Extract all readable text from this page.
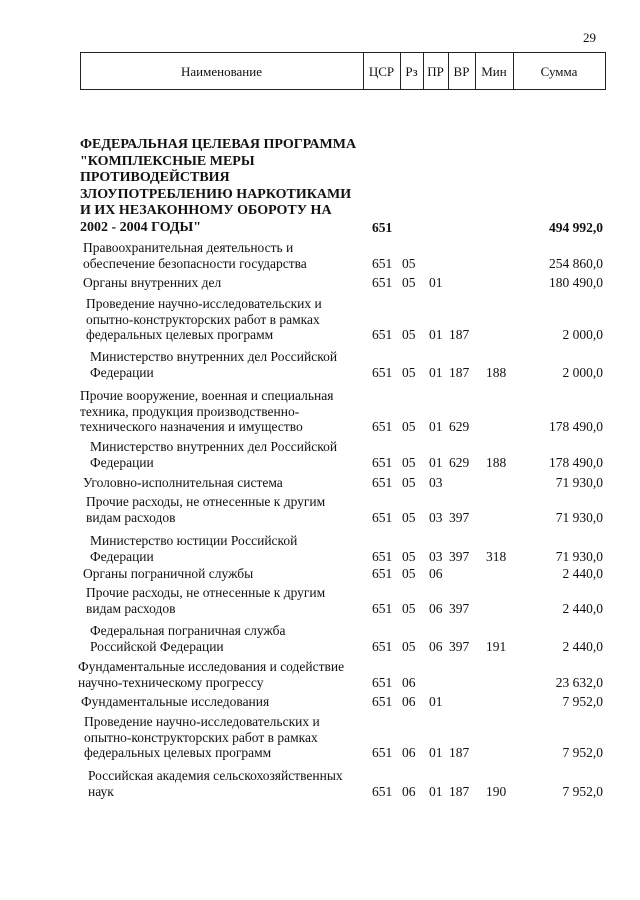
29
Наименование	ЦСР Рз ПР ВР Мин	Сумма
ФЕДЕРАЛЬНАЯ ЦЕЛЕВАЯ ПРОГРАММА
"КОМПЛЕКСНЫЕ МЕРЫ
ПРОТИВОДЕЙСТВИЯ
ЗЛОУПОТРЕБЛЕНИЮ НАРКОТИКАМИ
И ИХ НЕЗАКОННОМУ ОБОРОТУ НА
2002 - 2004 ГОДЫ"	651	494 992,0
Правоохранительная деятельность и
обеспечение безопасности государства	651 05	254 860,0
Органы внутренних дел	651 05 01	180 490,0
Проведение научно-исследовательских и
опытно-конструкторских работ в рамках
федеральных целевых программ	651 05 01 187	2 000,0
Министерство внутренних дел Российской
Федерации	651 05 01 187 188	2 000,0
Прочие вооружение, военная и специальная
техника, продукция производственно-
технического назначения и имущество	651 05 01 629	178 490,0
Министерство внутренних дел Российской
Федерации	651 05 01 629 188	178 490,0
Уголовно-исполнительная система	651 05 03	71 930,0
Прочие расходы, не отнесенные к другим
видам расходов	651 05 03 397	71 930,0
Министерство юстиции Российской
Федерации	651 05 03 397 318	71 930,0
Органы пограничной службы	651 05 06	2 440,0
Прочие расходы, не отнесенные к другим
видам расходов	651 05 06 397	2 440,0
Федеральная пограничная служба
Российской Федерации	651 05 06 397 191	2 440,0
Фундаментальные исследования и содействие
научно-техническому прогрессу	651 06	23 632,0
Фундаментальные исследования	651 06 01	7 952,0
Проведение научно-исследовательских и
опытно-конструкторских работ в рамках
федеральных целевых программ	651 06 01 187	7 952,0
Российская академия сельскохозяйственных
наук	651 06 01 187 190	7 952,0
